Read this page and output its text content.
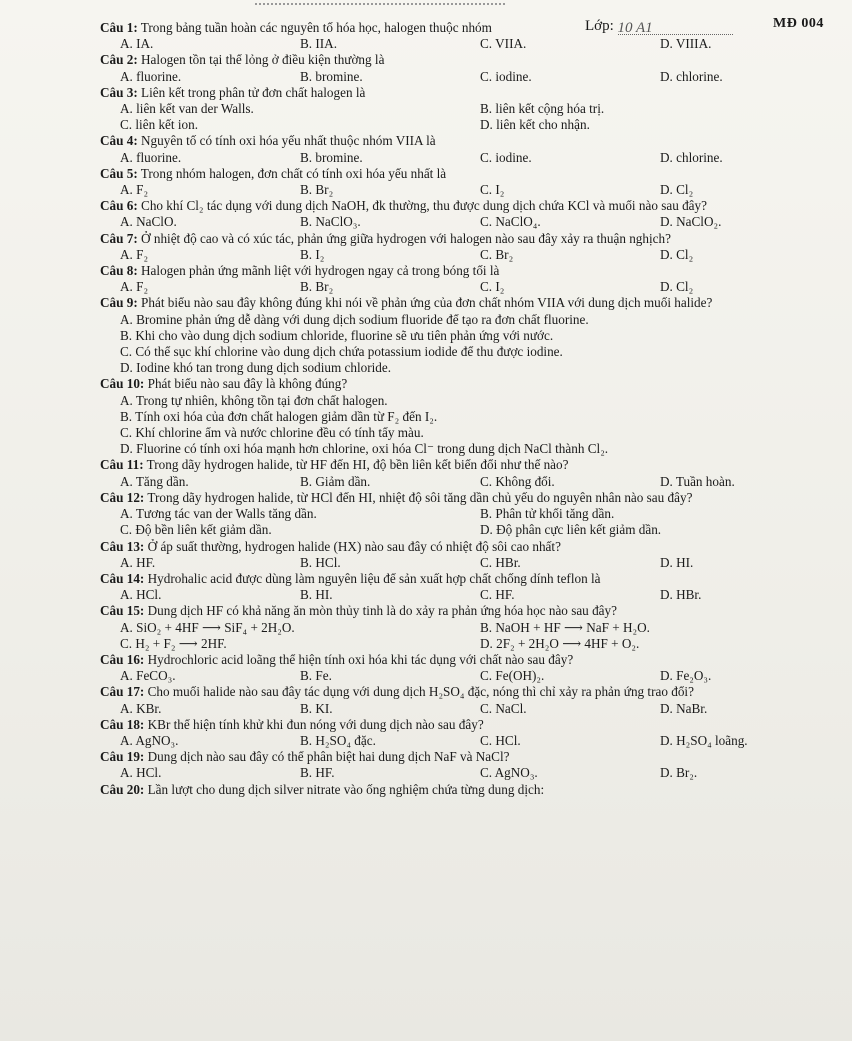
Lớp: 10 A1	MĐ 004

Câu 1: Trong bảng tuần hoàn các nguyên tố hóa học, halogen thuộc nhóm

A. IA.	B. IIA.	C. VIIA.	D. VIIIA.

Câu 2: Halogen tồn tại thể lỏng ở điều kiện thường là

A. fluorine.	B. bromine.	C. iodine.	D. chlorine.

Câu 3: Liên kết trong phân tử đơn chất halogen là

A. liên kết van der Walls.	B. liên kết cộng hóa trị.
C. liên kết ion.	D. liên kết cho nhận.

Câu 4: Nguyên tố có tính oxi hóa yếu nhất thuộc nhóm VIIA là

A. fluorine.	B. bromine.	C. iodine.	D. chlorine.

Câu 5: Trong nhóm halogen, đơn chất có tính oxi hóa yếu nhất là

A. F₂	B. Br₂	C. I₂	D. Cl₂

Câu 6: Cho khí Cl₂ tác dụng với dung dịch NaOH, đk thường, thu được dung dịch chứa KCl và muối nào sau đây?

A. NaClO.	B. NaClO₃.	C. NaClO₄.	D. NaClO₂.

Câu 7: Ở nhiệt độ cao và có xúc tác, phản ứng giữa hydrogen với halogen nào sau đây xảy ra thuận nghịch?

A. F₂	B. I₂	C. Br₂	D. Cl₂

Câu 8: Halogen phản ứng mãnh liệt với hydrogen ngay cả trong bóng tối là

A. F₂	B. Br₂	C. I₂	D. Cl₂

Câu 9: Phát biểu nào sau đây không đúng khi nói về phản ứng của đơn chất nhóm VIIA với dung dịch muối halide?

A. Bromine phản ứng dễ dàng với dung dịch sodium fluoride để tạo ra đơn chất fluorine.
B. Khi cho vào dung dịch sodium chloride, fluorine sẽ ưu tiên phản ứng với nước.
C. Có thể sục khí chlorine vào dung dịch chứa potassium iodide để thu được iodine.
D. Iodine khó tan trong dung dịch sodium chloride.

Câu 10: Phát biểu nào sau đây là không đúng?

A. Trong tự nhiên, không tồn tại đơn chất halogen.
B. Tính oxi hóa của đơn chất halogen giảm dần từ F₂ đến I₂.
C. Khí chlorine ẩm và nước chlorine đều có tính tẩy màu.
D. Fluorine có tính oxi hóa mạnh hơn chlorine, oxi hóa Cl⁻ trong dung dịch NaCl thành Cl₂.

Câu 11: Trong dãy hydrogen halide, từ HF đến HI, độ bền liên kết biến đổi như thế nào?

A. Tăng dần.	B. Giảm dần.	C. Không đổi.	D. Tuần hoàn.

Câu 12: Trong dãy hydrogen halide, từ HCl đến HI, nhiệt độ sôi tăng dần chủ yếu do nguyên nhân nào sau đây?

A. Tương tác van der Walls tăng dần.	B. Phân tử khối tăng dần.
C. Độ bền liên kết giảm dần.	D. Độ phân cực liên kết giảm dần.

Câu 13: Ở áp suất thường, hydrogen halide (HX) nào sau đây có nhiệt độ sôi cao nhất?

A. HF.	B. HCl.	C. HBr.	D. HI.

Câu 14: Hydrohalic acid được dùng làm nguyên liệu để sản xuất hợp chất chống dính teflon là

A. HCl.	B. HI.	C. HF.	D. HBr.

Câu 15: Dung dịch HF có khả năng ăn mòn thủy tinh là do xảy ra phản ứng hóa học nào sau đây?

A. SiO₂ + 4HF ⟶ SiF₄ + 2H₂O.	B. NaOH + HF ⟶ NaF + H₂O.
C. H₂ + F₂ ⟶ 2HF.	D. 2F₂ + 2H₂O ⟶ 4HF + O₂.

Câu 16: Hydrochloric acid loãng thể hiện tính oxi hóa khi tác dụng với chất nào sau đây?

A. FeCO₃.	B. Fe.	C. Fe(OH)₂.	D. Fe₂O₃.

Câu 17: Cho muối halide nào sau đây tác dụng với dung dịch H₂SO₄ đặc, nóng thì chỉ xảy ra phản ứng trao đổi?

A. KBr.	B. KI.	C. NaCl.	D. NaBr.

Câu 18: KBr thể hiện tính khử khi đun nóng với dung dịch nào sau đây?

A. AgNO₃.	B. H₂SO₄ đặc.	C. HCl.	D. H₂SO₄ loãng.

Câu 19: Dung dịch nào sau đây có thể phân biệt hai dung dịch NaF và NaCl?

A. HCl.	B. HF.	C. AgNO₃.	D. Br₂.

Câu 20: Lần lượt cho dung dịch silver nitrate vào ống nghiệm chứa từng dung dịch:
